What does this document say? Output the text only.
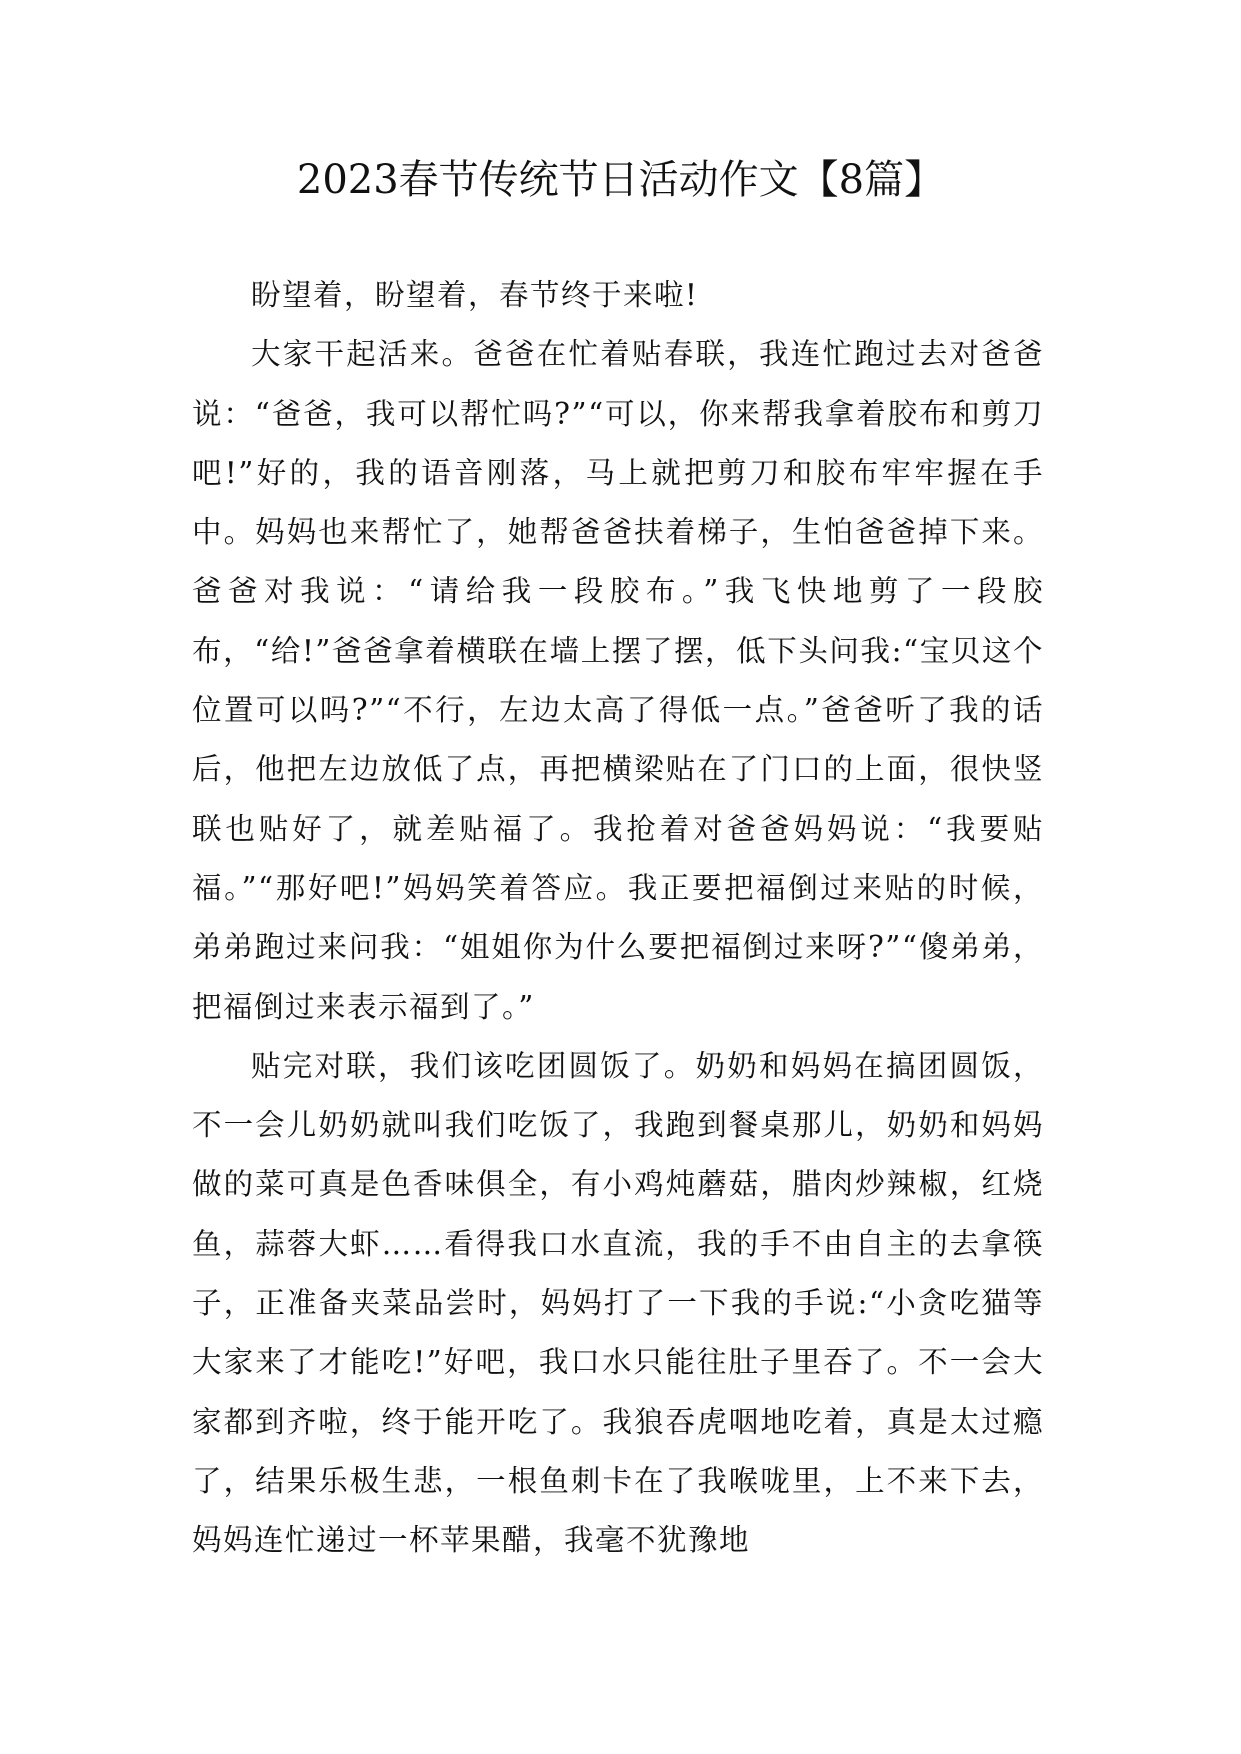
2023春节传统节日活动作文【8篇】

盼望着，盼望着，春节终于来啦!

大家干起活来。爸爸在忙着贴春联，我连忙跑过去对爸爸说：“爸爸，我可以帮忙吗?”“可以，你来帮我拿着胶布和剪刀吧!”好的，我的语音刚落，马上就把剪刀和胶布牢牢握在手中。妈妈也来帮忙了，她帮爸爸扶着梯子，生怕爸爸掉下来。爸爸对我说：“请给我一段胶布。”我飞快地剪了一段胶布，“给!”爸爸拿着横联在墙上摆了摆，低下头问我:“宝贝这个位置可以吗?”“不行，左边太高了得低一点。”爸爸听了我的话后，他把左边放低了点，再把横梁贴在了门口的上面，很快竖联也贴好了，就差贴福了。我抢着对爸爸妈妈说：“我要贴福。”“那好吧!”妈妈笑着答应。我正要把福倒过来贴的时候，弟弟跑过来问我：“姐姐你为什么要把福倒过来呀?”“傻弟弟，把福倒过来表示福到了。”

贴完对联，我们该吃团圆饭了。奶奶和妈妈在搞团圆饭，不一会儿奶奶就叫我们吃饭了，我跑到餐桌那儿，奶奶和妈妈做的菜可真是色香味俱全，有小鸡炖蘑菇，腊肉炒辣椒，红烧鱼，蒜蓉大虾……看得我口水直流，我的手不由自主的去拿筷子，正准备夹菜品尝时，妈妈打了一下我的手说:“小贪吃猫等大家来了才能吃!”好吧，我口水只能往肚子里吞了。不一会大家都到齐啦，终于能开吃了。我狼吞虎咽地吃着，真是太过瘾了，结果乐极生悲，一根鱼刺卡在了我喉咙里，上不来下去，妈妈连忙递过一杯苹果醋，我毫不犹豫地
